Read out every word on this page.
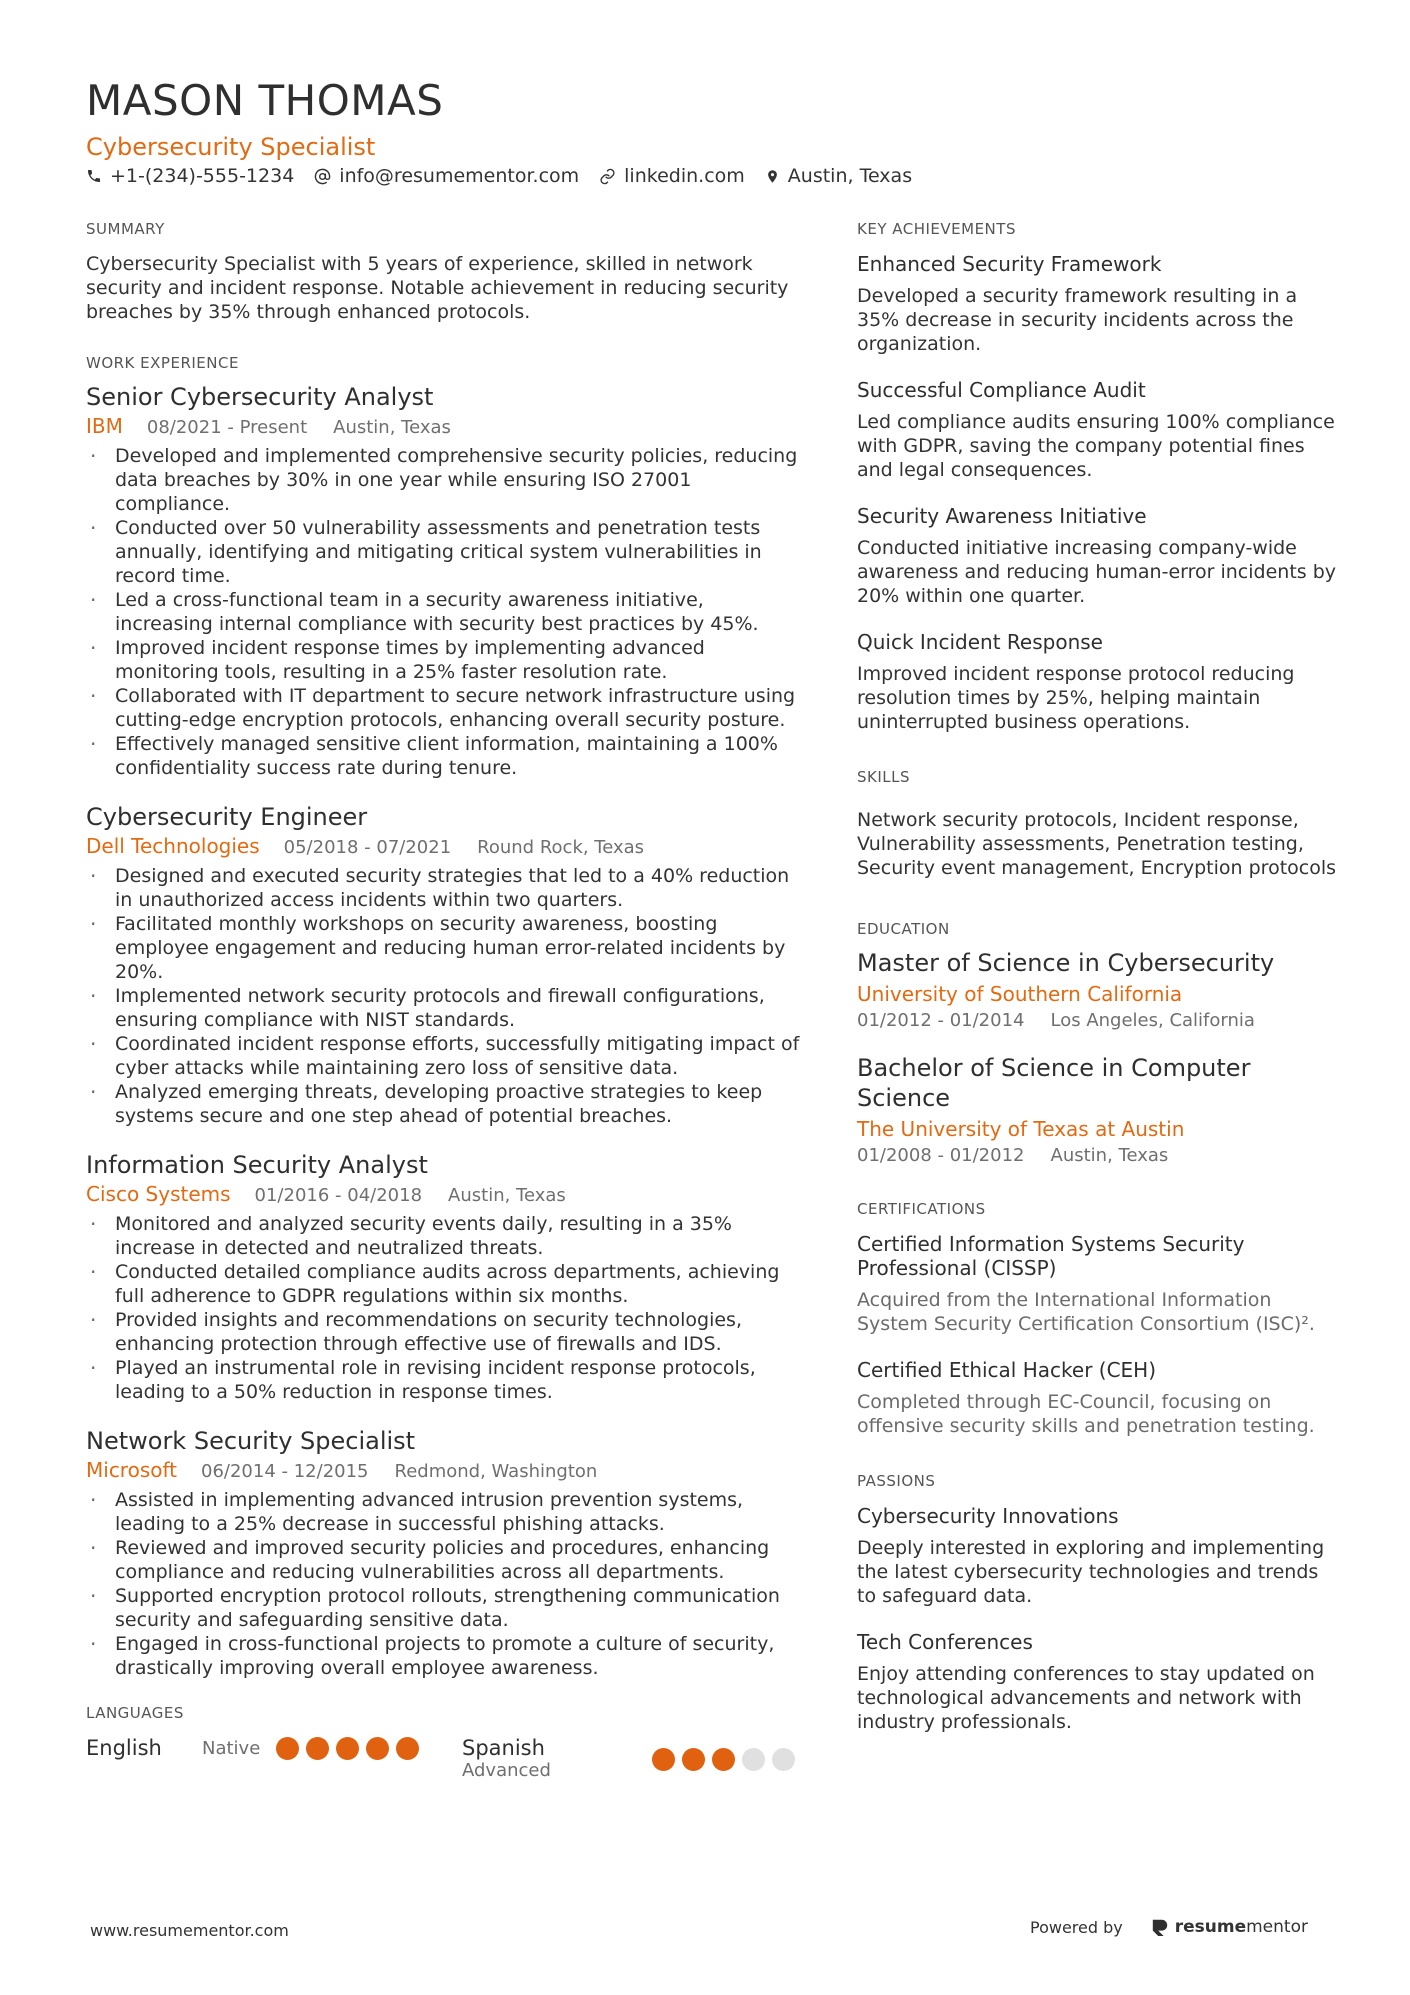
MASON THOMAS
Cybersecurity Specialist
+1-(234)-555-1234 info@resumementor.com linkedin.com Austin, Texas
SUMMARY
Cybersecurity Specialist with 5 years of experience, skilled in network security and incident response. Notable achievement in reducing security breaches by 35% through enhanced protocols.
WORK EXPERIENCE
Senior Cybersecurity Analyst
IBM 08/2021 - Present Austin, Texas
· Developed and implemented comprehensive security policies, reducing data breaches by 30% in one year while ensuring ISO 27001 compliance.
· Conducted over 50 vulnerability assessments and penetration tests annually, identifying and mitigating critical system vulnerabilities in record time.
· Led a cross-functional team in a security awareness initiative, increasing internal compliance with security best practices by 45%.
· Improved incident response times by implementing advanced monitoring tools, resulting in a 25% faster resolution rate.
· Collaborated with IT department to secure network infrastructure using cutting-edge encryption protocols, enhancing overall security posture.
· Effectively managed sensitive client information, maintaining a 100% confidentiality success rate during tenure.
Cybersecurity Engineer
Dell Technologies 05/2018 - 07/2021 Round Rock, Texas
· Designed and executed security strategies that led to a 40% reduction in unauthorized access incidents within two quarters.
· Facilitated monthly workshops on security awareness, boosting employee engagement and reducing human error-related incidents by 20%.
· Implemented network security protocols and firewall configurations, ensuring compliance with NIST standards.
· Coordinated incident response efforts, successfully mitigating impact of cyber attacks while maintaining zero loss of sensitive data.
· Analyzed emerging threats, developing proactive strategies to keep systems secure and one step ahead of potential breaches.
Information Security Analyst
Cisco Systems 01/2016 - 04/2018 Austin, Texas
· Monitored and analyzed security events daily, resulting in a 35% increase in detected and neutralized threats.
· Conducted detailed compliance audits across departments, achieving full adherence to GDPR regulations within six months.
· Provided insights and recommendations on security technologies, enhancing protection through effective use of firewalls and IDS.
· Played an instrumental role in revising incident response protocols, leading to a 50% reduction in response times.
Network Security Specialist
Microsoft 06/2014 - 12/2015 Redmond, Washington
· Assisted in implementing advanced intrusion prevention systems, leading to a 25% decrease in successful phishing attacks.
· Reviewed and improved security policies and procedures, enhancing compliance and reducing vulnerabilities across all departments.
· Supported encryption protocol rollouts, strengthening communication security and safeguarding sensitive data.
· Engaged in cross-functional projects to promote a culture of security, drastically improving overall employee awareness.
LANGUAGES
English	Native	Spanish
Advanced
KEY ACHIEVEMENTS
Enhanced Security Framework
Developed a security framework resulting in a 35% decrease in security incidents across the organization.
Successful Compliance Audit
Led compliance audits ensuring 100% compliance with GDPR, saving the company potential fines and legal consequences.
Security Awareness Initiative
Conducted initiative increasing company-wide awareness and reducing human-error incidents by 20% within one quarter.
Quick Incident Response
Improved incident response protocol reducing resolution times by 25%, helping maintain uninterrupted business operations.
SKILLS
Network security protocols, Incident response, Vulnerability assessments, Penetration testing, Security event management, Encryption protocols
EDUCATION
Master of Science in Cybersecurity
University of Southern California
01/2012 - 01/2014 Los Angeles, California
Bachelor of Science in Computer Science
The University of Texas at Austin
01/2008 - 01/2012 Austin, Texas
CERTIFICATIONS
Certified Information Systems Security Professional (CISSP)
Acquired from the International Information System Security Certification Consortium (ISC)².
Certified Ethical Hacker (CEH)
Completed through EC-Council, focusing on offensive security skills and penetration testing.
PASSIONS
Cybersecurity Innovations
Deeply interested in exploring and implementing the latest cybersecurity technologies and trends to safeguard data.
Tech Conferences
Enjoy attending conferences to stay updated on technological advancements and network with industry professionals.
www.resumementor.com	Powered by	resume mentor
